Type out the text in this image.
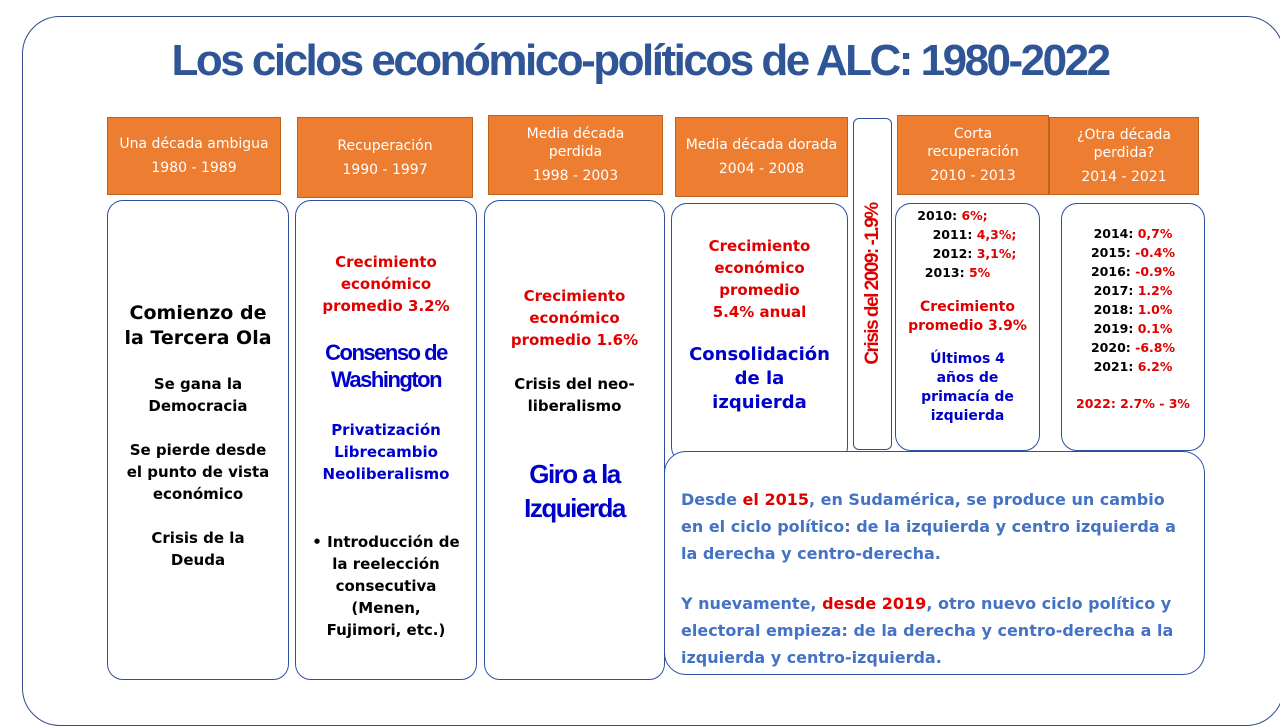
Los ciclos económico-políticos de ALC: 1980-2022
Una década ambigua
1980 - 1989
Recuperación
1990 - 1997
Media década perdida
1998 - 2003
Media década dorada
2004 - 2008
Corta recuperación
2010 - 2013
¿Otra década perdida?
2014 - 2021
Crisis del 2009: -1.9%
Comienzo de la Tercera Ola
Se gana la Democracia
Se pierde desde el punto de vista económico
Crisis de la Deuda
Crecimiento económico promedio 3.2%
Consenso de Washington
Privatización
Librecambio
Neoliberalismo
• Introducción de la reelección consecutiva (Menen, Fujimori, etc.)
Crecimiento económico promedio 1.6%
Crisis del neo-liberalismo
Giro a la Izquierda
Crecimiento económico promedio
5.4% anual
Consolidación de la izquierda
2010: 6%;
2011: 4,3%;
2012: 3,1%;
2013: 5%
Crecimiento promedio 3.9%
Últimos 4 años de primacía de izquierda
2014: 0,7%
2015: -0.4%
2016: -0.9%
2017: 1.2%
2018: 1.0%
2019: 0.1%
2020: -6.8%
2021: 6.2%
2022: 2.7% - 3%

Desde el 2015, en Sudamérica, se produce un cambio en el ciclo político: de la izquierda y centro izquierda a la derecha y centro-derecha.

Y nuevamente, desde 2019, otro nuevo ciclo político y electoral empieza: de la derecha y centro-derecha a la izquierda y centro-izquierda.
